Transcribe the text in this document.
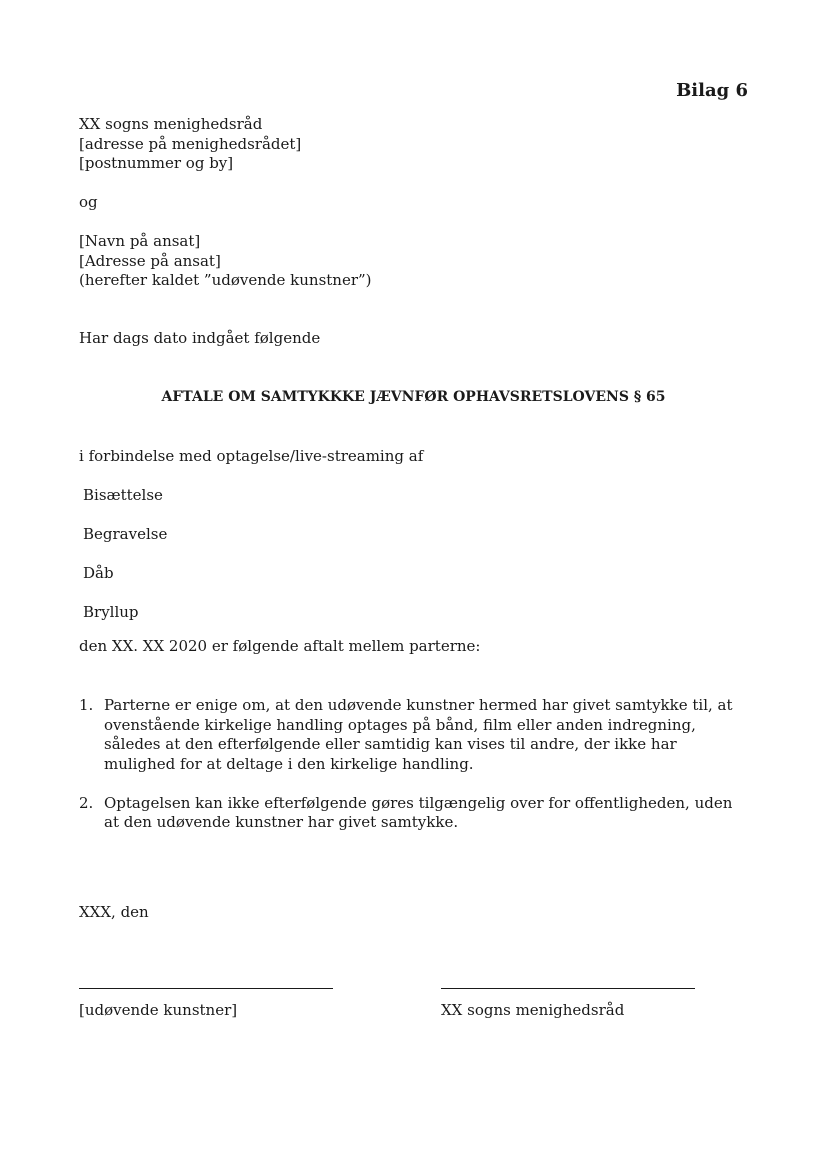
Bilag 6
XX sogns menighedsråd
[adresse på menighedsrådet]
[postnummer og by]
og
[Navn på ansat]
[Adresse på ansat]
(herefter kaldet ”udøvende kunstner”)
Har dags dato indgået følgende
AFTALE OM SAMTYKKKE JÆVNFØR OPHAVSRETSLOVENS § 65
i forbindelse med optagelse/live-streaming af
Bisættelse
Begravelse
Dåb
Bryllup
den XX. XX 2020 er følgende aftalt mellem parterne:
1. Parterne er enige om, at den udøvende kunstner hermed har givet samtykke til, at ovenstående kirkelige handling optages på bånd, film eller anden indregning, således at den efterfølgende eller samtidig kan vises til andre, der ikke har mulighed for at deltage i den kirkelige handling.
2. Optagelsen kan ikke efterfølgende gøres tilgængelig over for offentligheden, uden at den udøvende kunstner har givet samtykke.
XXX, den
[udøvende kunstner]	XX sogns menighedsråd
